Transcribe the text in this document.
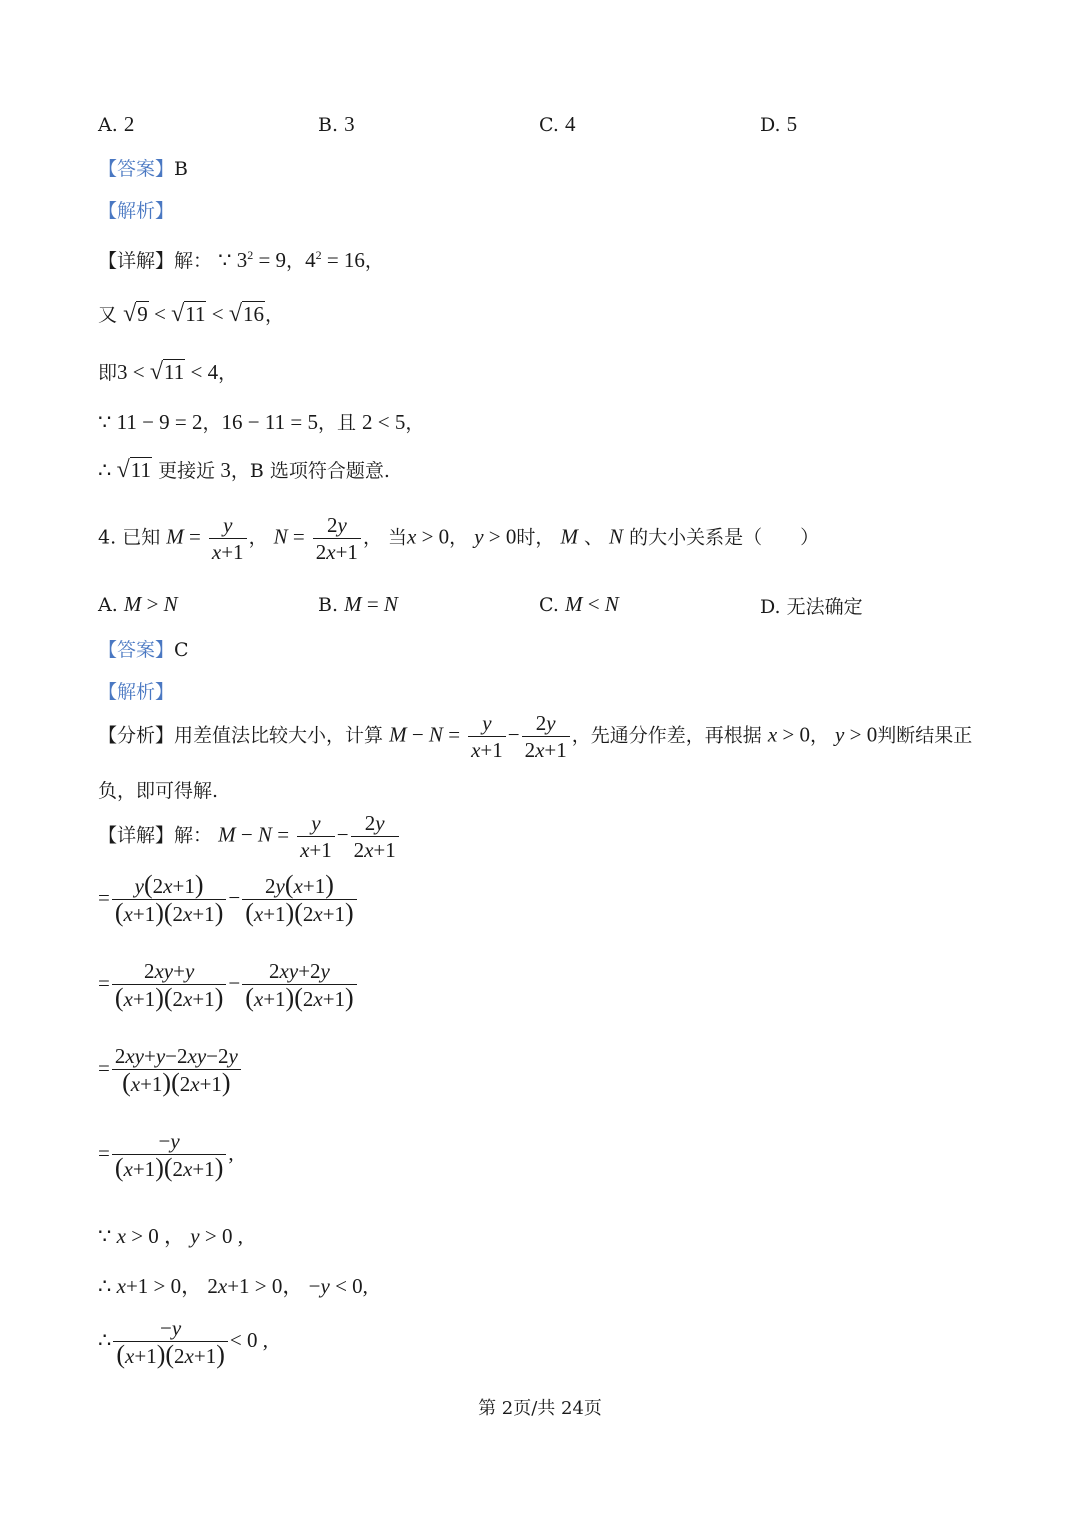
A. 2	B. 3	C. 4	D. 5
【答案】B
【解析】
【详解】解： ∵ $3^2 = 9$，$4^2 = 16$，
又 √9 < √11 < √16，
即3 < √11 < 4，
∵ 11 − 9 = 2，16 − 11 = 5，且 2 < 5，
∴ √11 更接近 3，B 选项符合题意.
4. 已知 $M = \frac{y}{x+1}$ ， $N = \frac{2y}{2x+1}$ ， 当x > 0， y > 0时， M 、 N 的大小关系是（　　）
A. M > N	B. M = N	C. M < N	D. 无法确定
【答案】C
【解析】
【分析】用差值法比较大小，计算 $M - N = \frac{y}{x+1} - \frac{2y}{2x+1}$ ，先通分作差，再根据 x > 0， y > 0判断结果正
负，即可得解.
【详解】解： $M - N = \frac{y}{x+1} - \frac{2y}{2x+1}$
= $\frac{y(2x+1)}{(x+1)(2x+1)} - \frac{2y(x+1)}{(x+1)(2x+1)}$
= $\frac{2xy+y}{(x+1)(2x+1)} - \frac{2xy+2y}{(x+1)(2x+1)}$
= $\frac{2xy+y-2xy-2y}{(x+1)(2x+1)}$
= $\frac{-y}{(x+1)(2x+1)}$ ,
∵ x > 0 ， y > 0 ,
∴ x+1 > 0， 2x+1 > 0， −y < 0,
∴ $\frac{-y}{(x+1)(2x+1)} < 0$ ,
第 2页/共 24页
